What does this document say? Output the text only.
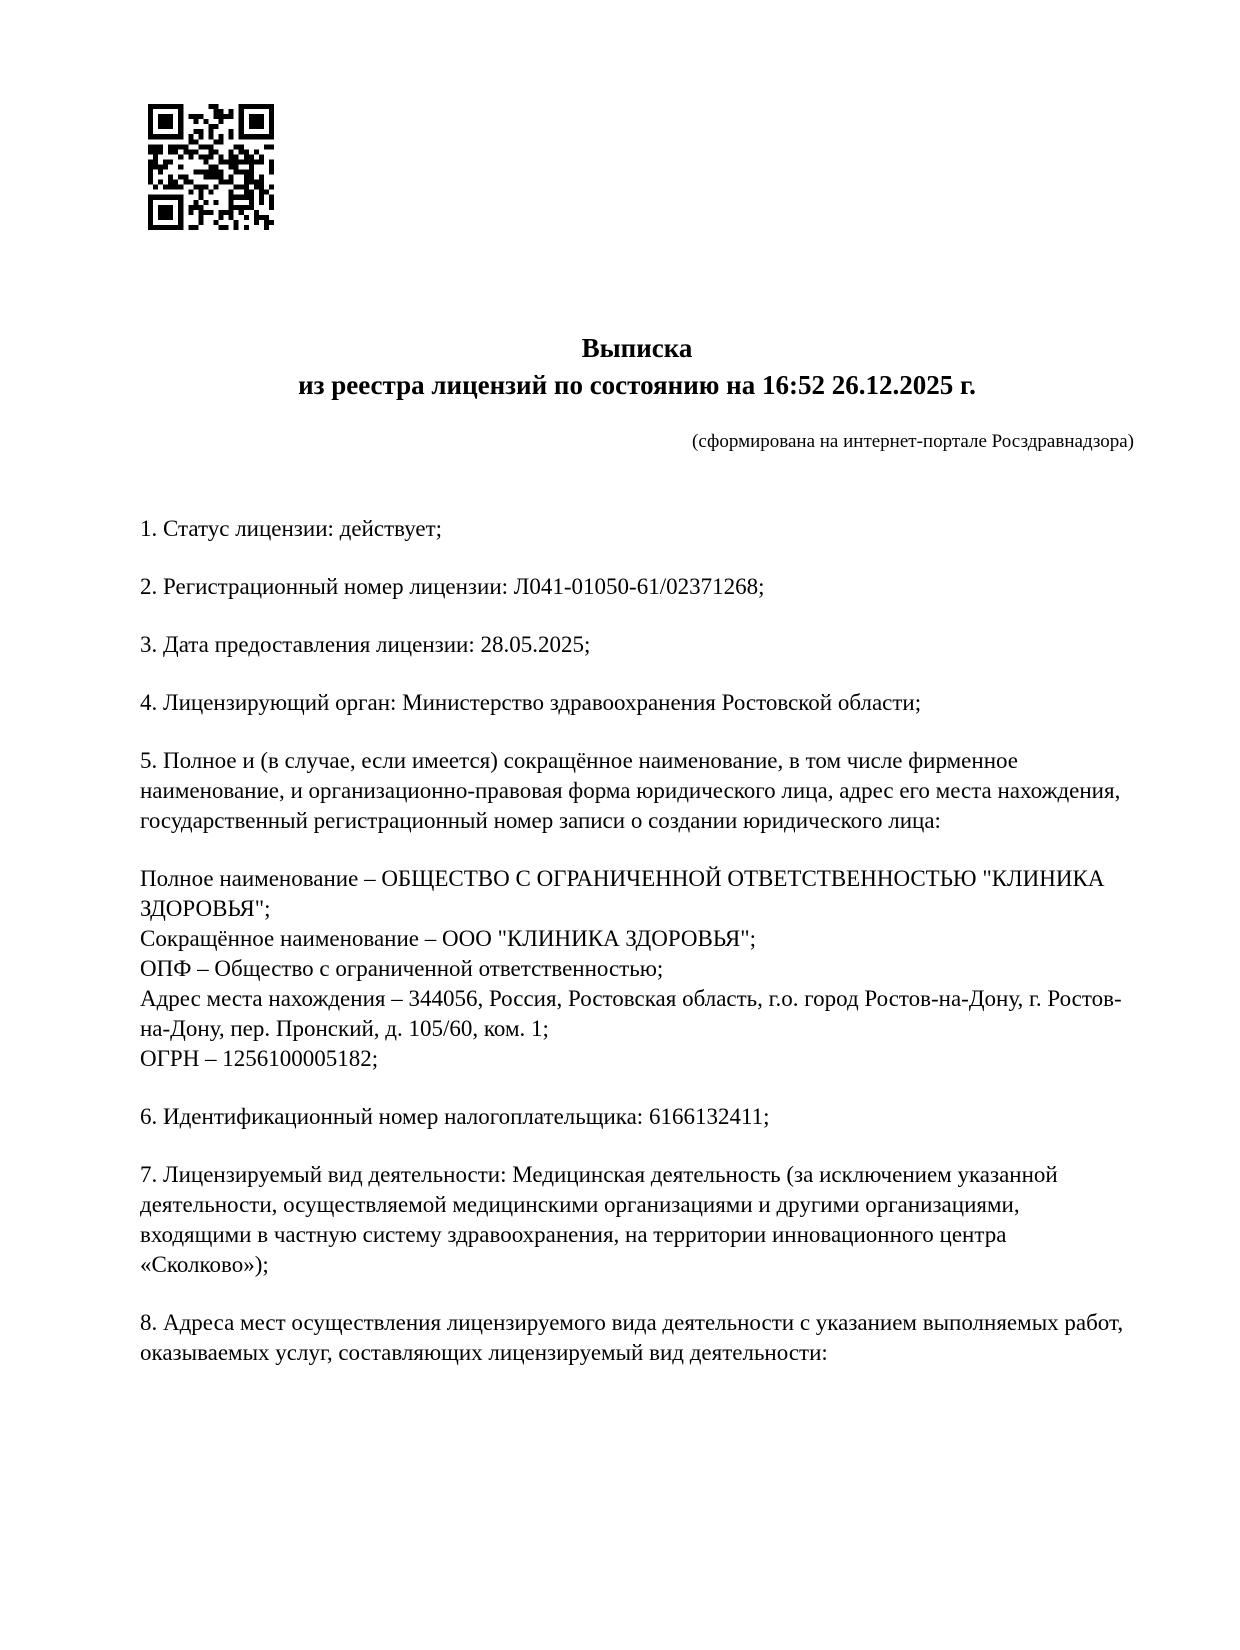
Выписка
из реестра лицензий по состоянию на 16:52 26.12.2025 г.
(сформирована на интернет-портале Росздравнадзора)

1. Статус лицензии: действует;

2. Регистрационный номер лицензии: Л041-01050-61/02371268;

3. Дата предоставления лицензии: 28.05.2025;

4. Лицензирующий орган: Министерство здравоохранения Ростовской области;

5. Полное и (в случае, если имеется) сокращённое наименование, в том числе фирменное наименование, и организационно-правовая форма юридического лица, адрес его места нахождения, государственный регистрационный номер записи о создании юридического лица:

Полное наименование – ОБЩЕСТВО С ОГРАНИЧЕННОЙ ОТВЕТСТВЕННОСТЬЮ "КЛИНИКА ЗДОРОВЬЯ";

Сокращённое наименование – ООО "КЛИНИКА ЗДОРОВЬЯ";

ОПФ – Общество с ограниченной ответственностью;

Адрес места нахождения – 344056, Россия, Ростовская область, г.о. город Ростов-на-Дону, г. Ростов-на-Дону, пер. Пронский, д. 105/60, ком. 1;

ОГРН – 1256100005182;

6. Идентификационный номер налогоплательщика: 6166132411;

7. Лицензируемый вид деятельности: Медицинская деятельность (за исключением указанной деятельности, осуществляемой медицинскими организациями и другими организациями, входящими в частную систему здравоохранения, на территории инновационного центра «Сколково»);

8. Адреса мест осуществления лицензируемого вида деятельности с указанием выполняемых работ, оказываемых услуг, составляющих лицензируемый вид деятельности:
